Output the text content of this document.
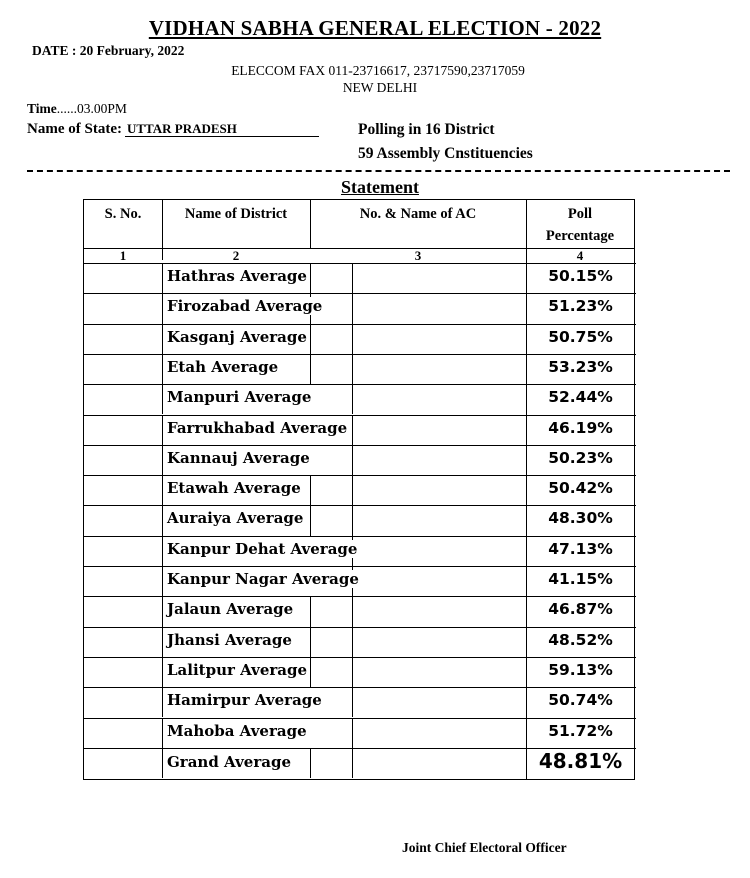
VIDHAN SABHA GENERAL ELECTION - 2022
DATE : 20 February, 2022
ELECCOM FAX 011-23716617, 23717590,23717059
NEW DELHI
Time......03.00PM
Name of State: UTTAR PRADESH	Polling in 16 District
59 Assembly Cnstituencies
Statement
S. No.	Name of District	No. & Name of AC	Poll
Percentage
1	2	3	4
Hathras Average	50.15%
Firozabad Average	51.23%
Kasganj Average	50.75%
Etah Average	53.23%
Manpuri Average	52.44%
Farrukhabad Average	46.19%
Kannauj Average	50.23%
Etawah Average	50.42%
Auraiya Average	48.30%
Kanpur Dehat Average	47.13%
Kanpur Nagar Average	41.15%
Jalaun Average	46.87%
Jhansi Average	48.52%
Lalitpur Average	59.13%
Hamirpur Average	50.74%
Mahoba Average	51.72%
Grand Average	48.81%
Joint Chief Electoral Officer
